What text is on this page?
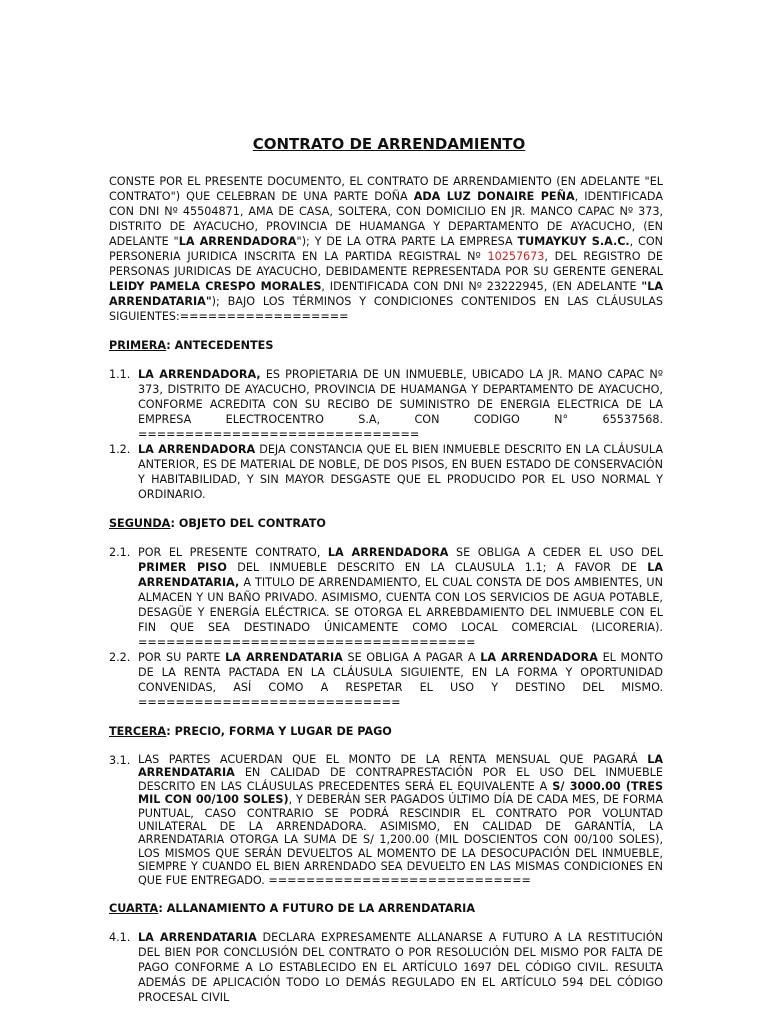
CONTRATO DE ARRENDAMIENTO
CONSTE POR EL PRESENTE DOCUMENTO, EL CONTRATO DE ARRENDAMIENTO (EN ADELANTE "EL CONTRATO") QUE CELEBRAN DE UNA PARTE DOÑA ADA LUZ DONAIRE PEÑA, IDENTIFICADA CON DNI Nº 45504871, AMA DE CASA, SOLTERA, CON DOMICILIO EN JR. MANCO CAPAC Nº 373, DISTRITO DE AYACUCHO, PROVINCIA DE HUAMANGA Y DEPARTAMENTO DE AYACUCHO, (EN ADELANTE "LA ARRENDADORA"); Y DE LA OTRA PARTE LA EMPRESA TUMAYKUY S.A.C., CON PERSONERIA JURIDICA INSCRITA EN LA PARTIDA REGISTRAL Nº 10257673, DEL REGISTRO DE PERSONAS JURIDICAS DE AYACUCHO, DEBIDAMENTE REPRESENTADA POR SU GERENTE GENERAL LEIDY PAMELA CRESPO MORALES, IDENTIFICADA CON DNI Nº 23222945, (EN ADELANTE "LA ARRENDATARIA"); BAJO LOS TÉRMINOS Y CONDICIONES CONTENIDOS EN LAS CLÁUSULAS SIGUIENTES:==================
PRIMERA: ANTECEDENTES
1.1. LA ARRENDADORA, ES PROPIETARIA DE UN INMUEBLE, UBICADO LA JR. MANO CAPAC Nº 373, DISTRITO DE AYACUCHO, PROVINCIA DE HUAMANGA Y DEPARTAMENTO DE AYACUCHO, CONFORME ACREDITA CON SU RECIBO DE SUMINISTRO DE ENERGIA ELECTRICA DE LA EMPRESA ELECTROCENTRO S.A, CON CODIGO N° 65537568. ==============================
1.2. LA ARRENDADORA DEJA CONSTANCIA QUE EL BIEN INMUEBLE DESCRITO EN LA CLÁUSULA ANTERIOR, ES DE MATERIAL DE NOBLE, DE DOS PISOS, EN BUEN ESTADO DE CONSERVACIÓN Y HABITABILIDAD, Y SIN MAYOR DESGASTE QUE EL PRODUCIDO POR EL USO NORMAL Y ORDINARIO.
SEGUNDA: OBJETO DEL CONTRATO
2.1. POR EL PRESENTE CONTRATO, LA ARRENDADORA SE OBLIGA A CEDER EL USO DEL PRIMER PISO DEL INMUEBLE DESCRITO EN LA CLAUSULA 1.1; A FAVOR DE LA ARRENDATARIA, A TITULO DE ARRENDAMIENTO, EL CUAL CONSTA DE DOS AMBIENTES, UN ALMACEN Y UN BAÑO PRIVADO. ASIMISMO, CUENTA CON LOS SERVICIOS DE AGUA POTABLE, DESAGÜE Y ENERGÍA ELÉCTRICA. SE OTORGA EL ARREBDAMIENTO DEL INMUEBLE CON EL FIN QUE SEA DESTINADO ÚNICAMENTE COMO LOCAL COMERCIAL (LICORERIA). ====================================
2.2. POR SU PARTE LA ARRENDATARIA SE OBLIGA A PAGAR A LA ARRENDADORA EL MONTO DE LA RENTA PACTADA EN LA CLÁUSULA SIGUIENTE, EN LA FORMA Y OPORTUNIDAD CONVENIDAS, ASÍ COMO A RESPETAR EL USO Y DESTINO DEL MISMO. ============================
TERCERA: PRECIO, FORMA Y LUGAR DE PAGO
3.1. LAS PARTES ACUERDAN QUE EL MONTO DE LA RENTA MENSUAL QUE PAGARÁ LA ARRENDATARIA EN CALIDAD DE CONTRAPRESTACIÓN POR EL USO DEL INMUEBLE DESCRITO EN LAS CLÁUSULAS PRECEDENTES SERÁ EL EQUIVALENTE A S/ 3000.00 (TRES MIL CON 00/100 SOLES), Y DEBERÁN SER PAGADOS ÚLTIMO DÍA DE CADA MES, DE FORMA PUNTUAL, CASO CONTRARIO SE PODRÁ RESCINDIR EL CONTRATO POR VOLUNTAD UNILATERAL DE LA ARRENDADORA. ASIMISMO, EN CALIDAD DE GARANTÍA, LA ARRENDATARIA OTORGA LA SUMA DE S/ 1,200.00 (MIL DOSCIENTOS CON 00/100 SOLES), LOS MISMOS QUE SERÁN DEVUELTOS AL MOMENTO DE LA DESOCUPACIÓN DEL INMUEBLE, SIEMPRE Y CUANDO EL BIEN ARRENDADO SEA DEVUELTO EN LAS MISMAS CONDICIONES EN QUE FUE ENTREGADO. ============================
CUARTA: ALLANAMIENTO A FUTURO DE LA ARRENDATARIA
4.1. LA ARRENDATARIA DECLARA EXPRESAMENTE ALLANARSE A FUTURO A LA RESTITUCIÓN DEL BIEN POR CONCLUSIÓN DEL CONTRATO O POR RESOLUCIÓN DEL MISMO POR FALTA DE PAGO CONFORME A LO ESTABLECIDO EN EL ARTÍCULO 1697 DEL CÓDIGO CIVIL. RESULTA ADEMÁS DE APLICACIÓN TODO LO DEMÁS REGULADO EN EL ARTÍCULO 594 DEL CÓDIGO PROCESAL CIVIL
